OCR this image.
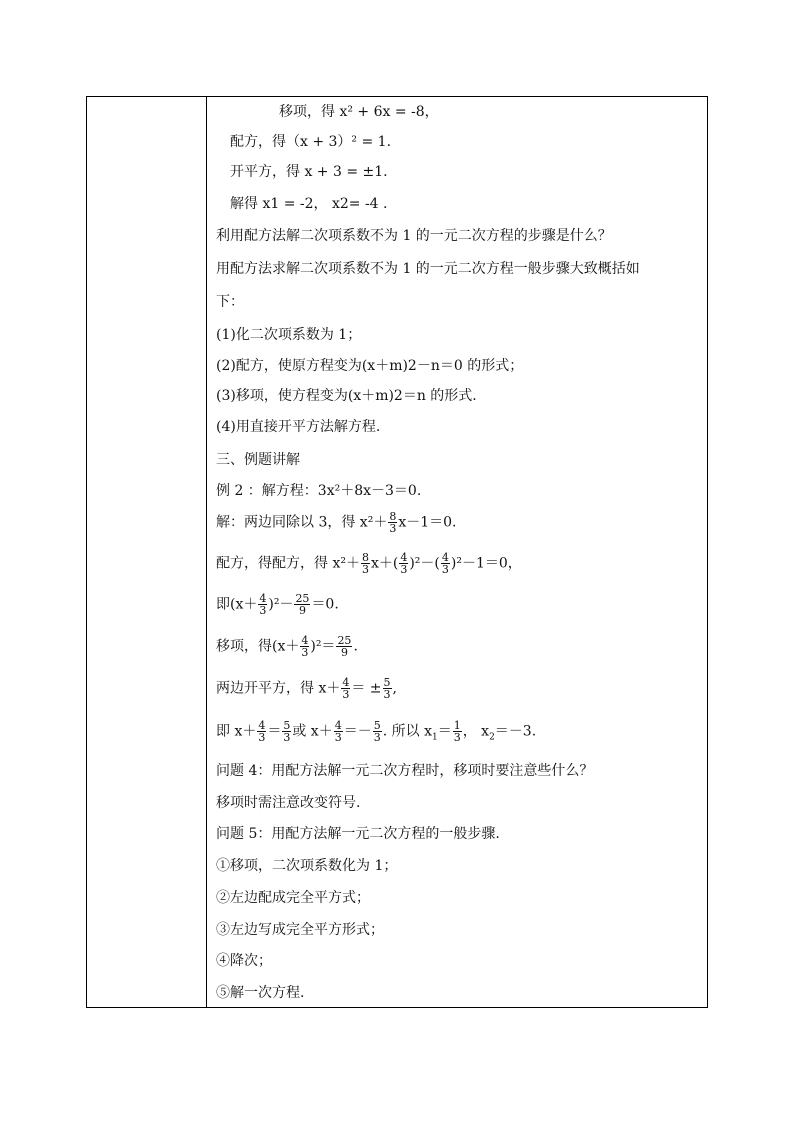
移项，得 x² + 6x = -8，
配方，得（x + 3）² = 1.
开平方，得 x + 3 = ±1.
解得 x1 = -2， x2= -4 .
利用配方法解二次项系数不为 1 的一元二次方程的步骤是什么？
用配方法求解二次项系数不为 1 的一元二次方程一般步骤大致概括如
下：
(1)化二次项系数为 1；
(2)配方，使原方程变为(x＋m)2－n＝0 的形式；
(3)移项，使方程变为(x＋m)2＝n 的形式.
(4)用直接开平方法解方程.
三、例题讲解
例 2 ：解方程：3x²＋8x－3＝0.
解：两边同除以 3，得 $x^2+ \frac{8}{3} x-1=0$.
配方，得配方，得 $x^2+ \frac{8}{3} x+( \frac{4}{3} )^2-( \frac{4}{3} )^2-1=0$，
即$(x+ \frac{4}{3} )^2- \frac{25}{9} =0$.
移项，得$(x+ \frac{4}{3} )^2= \frac{25}{9}$ .
两边开平方，得 $x+ \frac{4}{3}$ ＝ ± $\frac{5}{3}$ ,
即 $x+ \frac{4}{3} = \frac{5}{3}$ 或 $x+ \frac{4}{3} =- \frac{5}{3}$ . 所以 $x_1= \frac{1}{3}$ ， $x_2=-3$.
问题 4：用配方法解一元二次方程时，移项时要注意些什么？
移项时需注意改变符号.
问题 5：用配方法解一元二次方程的一般步骤.
①移项，二次项系数化为 1；
②左边配成完全平方式；
③左边写成完全平方形式；
④降次；
⑤解一次方程.
